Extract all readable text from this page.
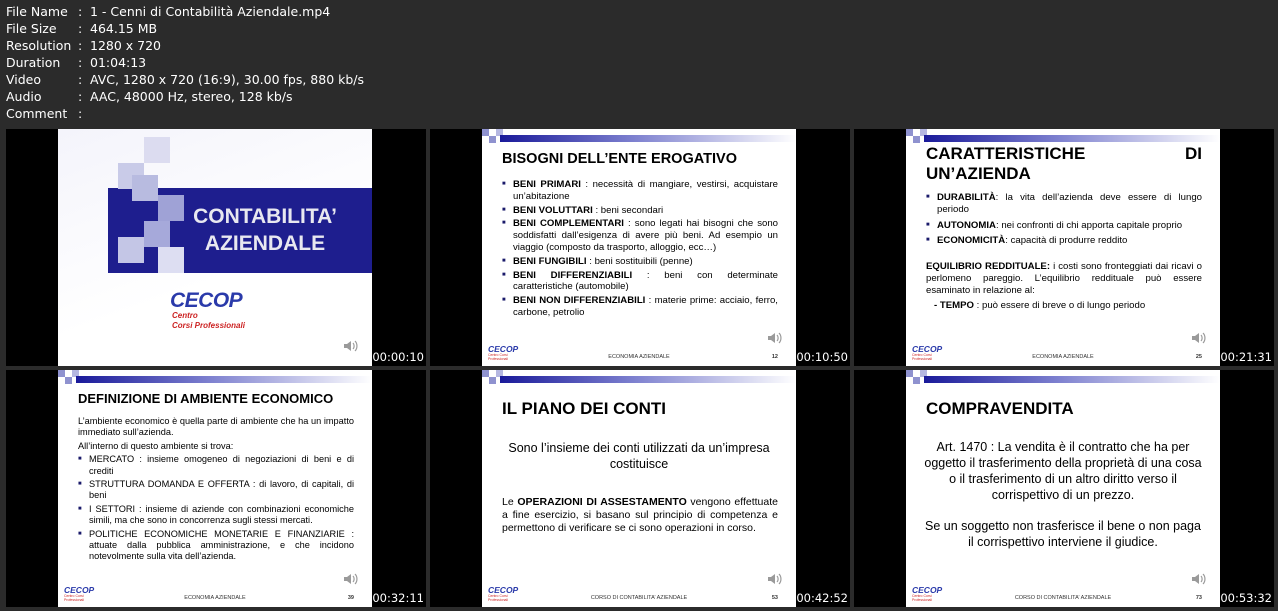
File Name : 1 - Cenni di Contabilità Aziendale.mp4
File Size	: 464.15 MB
Resolution : 1280 x 720
Duration	: 01:04:13
Video	: AVC, 1280 x 720 (16:9), 30.00 fps, 880 kb/s
Audio	: AAC, 48000 Hz, stereo, 128 kb/s
Comment :
CONTABILITA’ AZIENDALE
CECOP
Centro
Corsi Professionali
00:00:10
BISOGNI DELL’ENTE EROGATIVO
■ BENI PRIMARI : necessità di mangiare, vestirsi, acquistare un’abitazione
■ BENI VOLUTTARI : beni secondari
■ BENI COMPLEMENTARI : sono legati hai bisogni che sono soddisfatti dall’esigenza di avere più beni. Ad esempio un viaggio (composto da trasporto, alloggio, ecc…)
■ BENI FUNGIBILI : beni sostituibili (penne)
■ BENI DIFFERENZIABILI : beni con determinate caratteristiche (automobile)
■ BENI NON DIFFERENZIABILI : materie prime: acciaio, ferro, carbone, petrolio
CECOP
Centro Corsi Professionali	ECONOMIA AZIENDALE	12 00:10:50
CARATTERISTICHE	DI
UN’AZIENDA
■ DURABILITÀ: la vita dell’azienda deve essere di lungo periodo
■ AUTONOMIA: nei confronti di chi apporta capitale proprio
■ ECONOMICITÀ: capacità di produrre reddito
EQUILIBRIO REDDITUALE: i costi sono fronteggiati dai ricavi o perlomeno pareggio. L’equilibrio reddituale può essere esaminato in relazione al:
- TEMPO : può essere di breve o di lungo periodo
CECOP
Centro Corsi Professionali	ECONOMIA AZIENDALE	25 00:21:31
DEFINIZIONE DI AMBIENTE ECONOMICO
L’ambiente economico è quella parte di ambiente che ha un impatto immediato sull’azienda.
All’interno di questo ambiente si trova:
■ MERCATO : insieme omogeneo di negoziazioni di beni e di crediti
■ STRUTTURA DOMANDA E OFFERTA : di lavoro, di capitali, di beni
■ I SETTORI : insieme di aziende con combinazioni economiche simili, ma che sono in concorrenza sugli stessi mercati.
■ POLITICHE ECONOMICHE MONETARIE E FINANZIARIE : attuate dalla pubblica amministrazione, e che incidono notevolmente sulla vita dell’azienda.
CECOP
Centro Corsi Professionali	ECONOMIA AZIENDALE	39 00:32:11
IL PIANO DEI CONTI
Sono l’insieme dei conti utilizzati da un’impresa costituisce
Le OPERAZIONI DI ASSESTAMENTO vengono effettuate a fine esercizio, si basano sul principio di competenza e permettono di verificare se ci sono operazioni in corso.
CECOP
Centro Corsi Professionali	CORSO DI CONTABILITA’ AZIENDALE	53 00:42:52
COMPRAVENDITA
Art. 1470 : La vendita è il contratto che ha per oggetto il trasferimento della proprietà di una cosa o il trasferimento di un altro diritto verso il corrispettivo di un prezzo.
Se un soggetto non trasferisce il bene o non paga il corrispettivo interviene il giudice.
CECOP
Centro Corsi Professionali	CORSO DI CONTABILITA’ AZIENDALE	73 00:53:32
